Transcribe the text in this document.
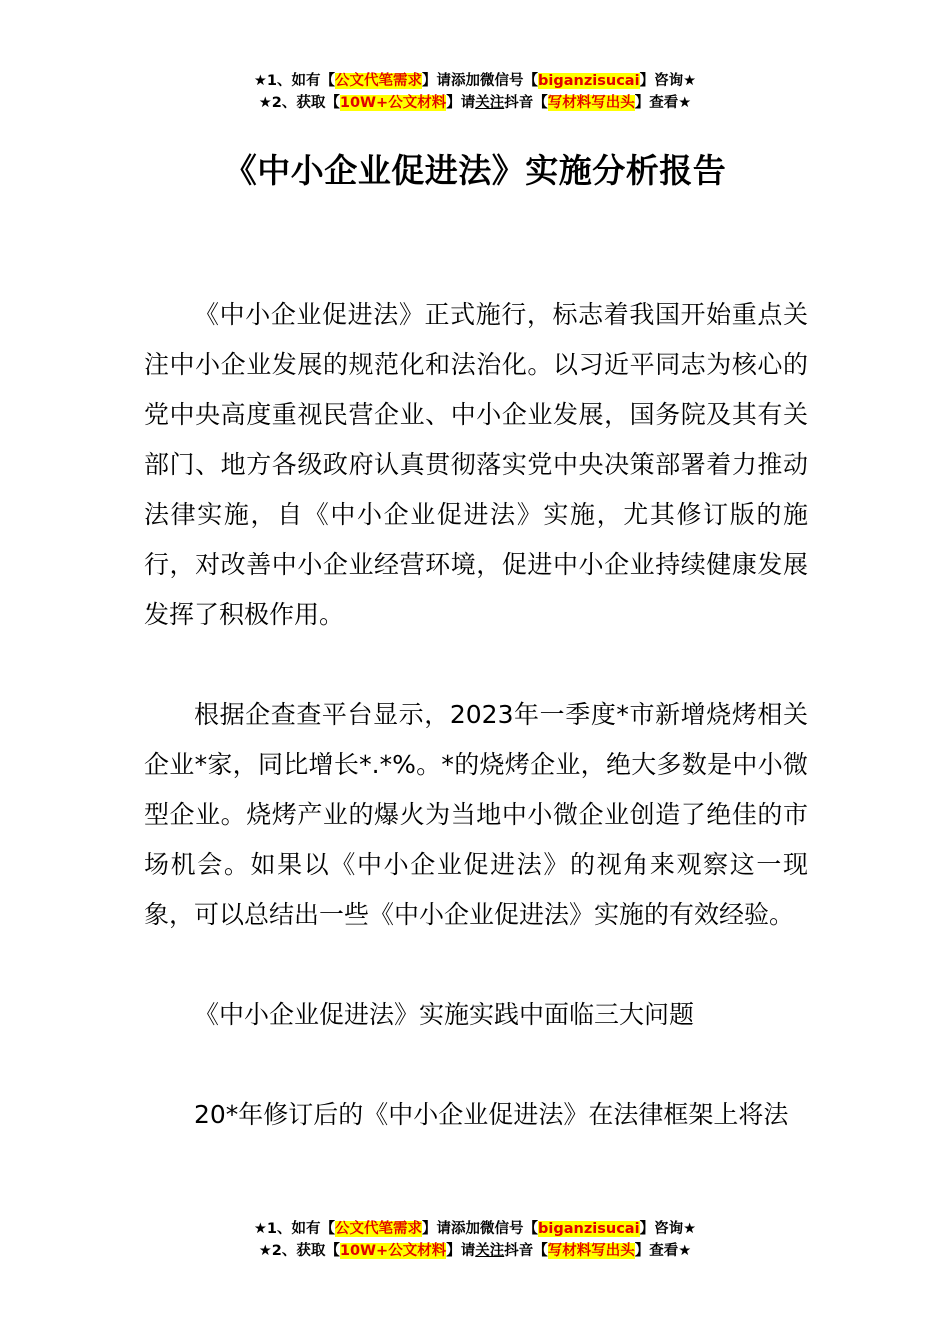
★1、如有【公文代笔需求】请添加微信号【biganzisucai】咨询★
★2、获取【10W+公文材料】请关注抖音【写材料写出头】查看★
《中小企业促进法》实施分析报告

《中小企业促进法》正式施行，标志着我国开始重点关注中小企业发展的规范化和法治化。以习近平同志为核心的党中央高度重视民营企业、中小企业发展，国务院及其有关部门、地方各级政府认真贯彻落实党中央决策部署着力推动法律实施，自《中小企业促进法》实施，尤其修订版的施行，对改善中小企业经营环境，促进中小企业持续健康发展发挥了积极作用。

根据企查查平台显示，2023年一季度*市新增烧烤相关企业*家，同比增长*.*%。*的烧烤企业，绝大多数是中小微型企业。烧烤产业的爆火为当地中小微企业创造了绝佳的市场机会。如果以《中小企业促进法》的视角来观察这一现象，可以总结出一些《中小企业促进法》实施的有效经验。

《中小企业促进法》实施实践中面临三大问题

20*年修订后的《中小企业促进法》在法律框架上将法

★1、如有【公文代笔需求】请添加微信号【biganzisucai】咨询★
★2、获取【10W+公文材料】请关注抖音【写材料写出头】查看★
